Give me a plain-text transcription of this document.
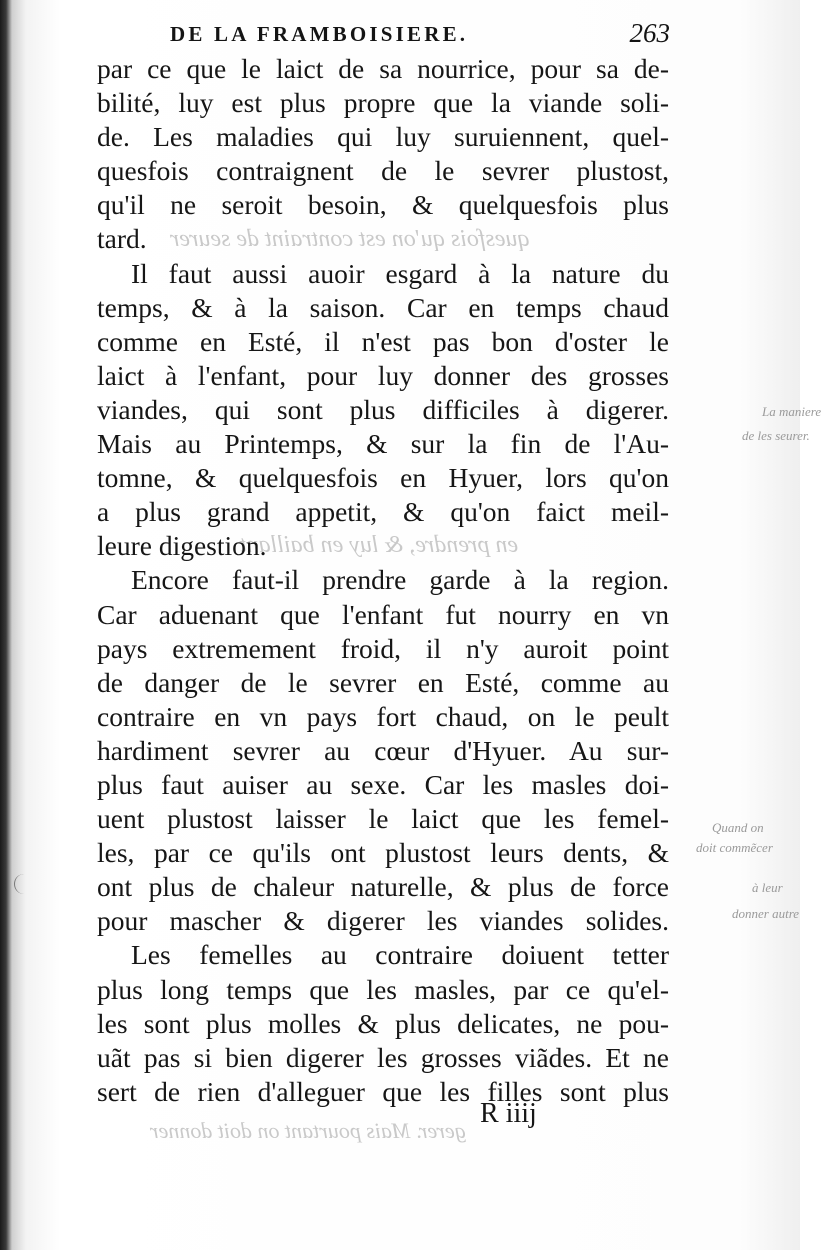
DE LA FRAMBOISIERE.	263
quesfois qu'on est contraint de seurer
en prendre, & luy en baillant
gerer. Mais pourtant on doit donner
La maniere
de les seurer.
Quand on
doit commẽcer
à leur
donner autre
par ce que le laict de sa nourrice, pour sa de-
bilité, luy est plus propre que la viande soli-
de. Les maladies qui luy suruiennent, quel-
quesfois contraignent de le sevrer plustost,
qu'il ne seroit besoin, & quelquesfois plus
tard.
Il faut aussi auoir esgard à la nature du
temps, & à la saison. Car en temps chaud
comme en Esté, il n'est pas bon d'oster le
laict à l'enfant, pour luy donner des grosses
viandes, qui sont plus difficiles à digerer.
Mais au Printemps, & sur la fin de l'Au-
tomne, & quelquesfois en Hyuer, lors qu'on
a plus grand appetit, & qu'on faict meil-
leure digestion.
Encore faut-il prendre garde à la region.
Car aduenant que l'enfant fut nourry en vn
pays extremement froid, il n'y auroit point
de danger de le sevrer en Esté, comme au
contraire en vn pays fort chaud, on le peult
hardiment sevrer au cœur d'Hyuer. Au sur-
plus faut auiser au sexe. Car les masles doi-
uent plustost laisser le laict que les femel-
les, par ce qu'ils ont plustost leurs dents, &
ont plus de chaleur naturelle, & plus de force
pour mascher & digerer les viandes solides.
Les femelles au contraire doiuent tetter
plus long temps que les masles, par ce qu'el-
les sont plus molles & plus delicates, ne pou-
uãt pas si bien digerer les grosses viãdes. Et ne
sert de rien d'alleguer que les filles sont plus
R iiij
